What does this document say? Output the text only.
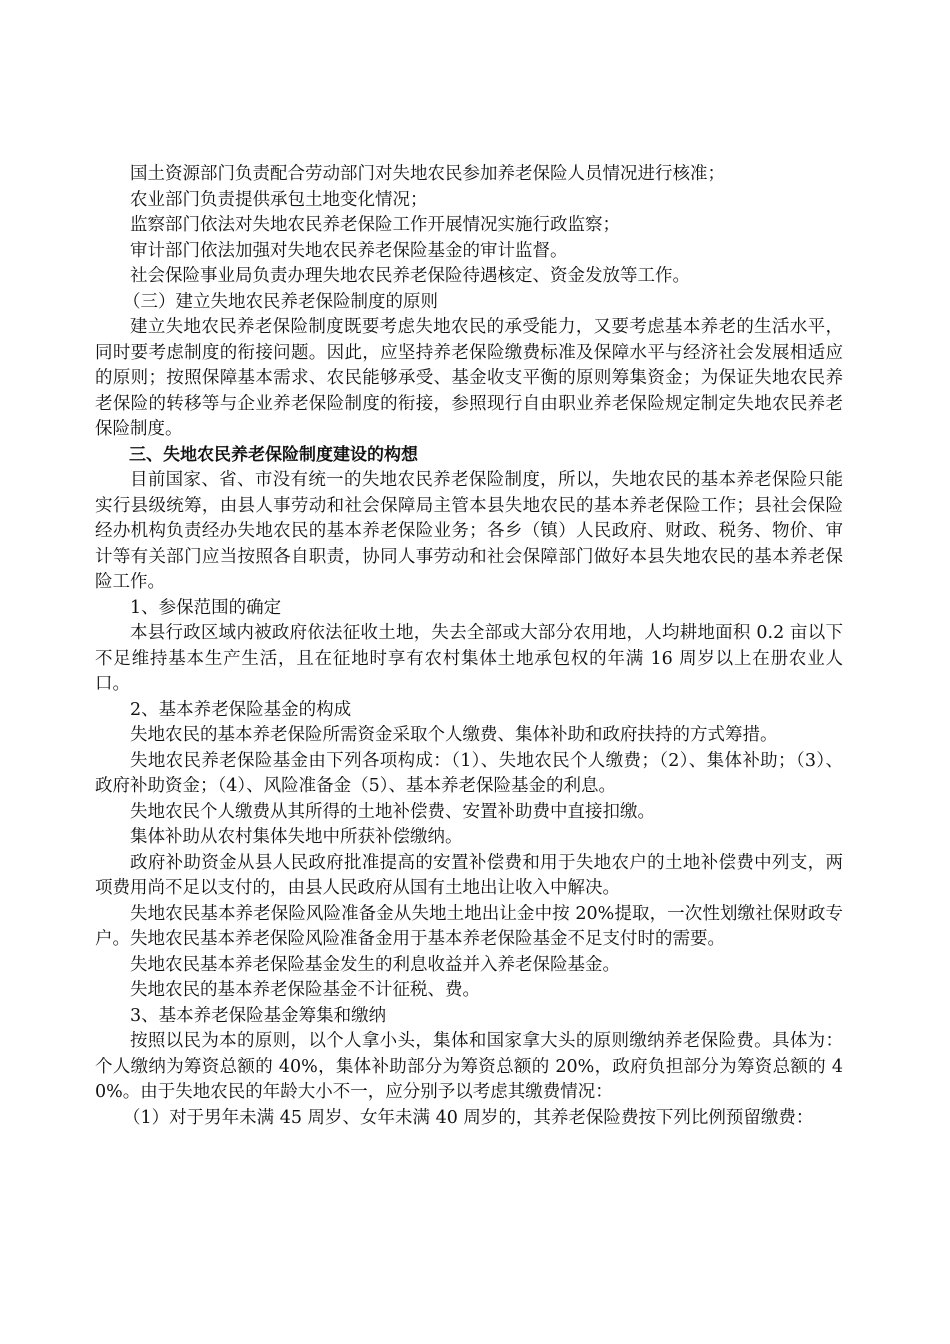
国土资源部门负责配合劳动部门对失地农民参加养老保险人员情况进行核准；

农业部门负责提供承包土地变化情况；

监察部门依法对失地农民养老保险工作开展情况实施行政监察；

审计部门依法加强对失地农民养老保险基金的审计监督。

社会保险事业局负责办理失地农民养老保险待遇核定、资金发放等工作。

（三）建立失地农民养老保险制度的原则

建立失地农民养老保险制度既要考虑失地农民的承受能力，又要考虑基本养老的生活水平，同时要考虑制度的衔接问题。因此，应坚持养老保险缴费标准及保障水平与经济社会发展相适应的原则；按照保障基本需求、农民能够承受、基金收支平衡的原则筹集资金；为保证失地农民养老保险的转移等与企业养老保险制度的衔接，参照现行自由职业养老保险规定制定失地农民养老保险制度。

三、失地农民养老保险制度建设的构想

目前国家、省、市没有统一的失地农民养老保险制度，所以，失地农民的基本养老保险只能实行县级统筹，由县人事劳动和社会保障局主管本县失地农民的基本养老保险工作；县社会保险经办机构负责经办失地农民的基本养老保险业务；各乡（镇）人民政府、财政、税务、物价、审计等有关部门应当按照各自职责，协同人事劳动和社会保障部门做好本县失地农民的基本养老保险工作。

1、参保范围的确定

本县行政区域内被政府依法征收土地，失去全部或大部分农用地，人均耕地面积 0.2 亩以下不足维持基本生产生活，且在征地时享有农村集体土地承包权的年满 16 周岁以上在册农业人口。

2、基本养老保险基金的构成

失地农民的基本养老保险所需资金采取个人缴费、集体补助和政府扶持的方式筹措。

失地农民养老保险基金由下列各项构成：（1）、失地农民个人缴费；（2）、集体补助；（3）、政府补助资金；（4）、风险准备金（5）、基本养老保险基金的利息。

失地农民个人缴费从其所得的土地补偿费、安置补助费中直接扣缴。

集体补助从农村集体失地中所获补偿缴纳。

政府补助资金从县人民政府批准提高的安置补偿费和用于失地农户的土地补偿费中列支，两项费用尚不足以支付的，由县人民政府从国有土地出让收入中解决。

失地农民基本养老保险风险准备金从失地土地出让金中按 20%提取，一次性划缴社保财政专户。失地农民基本养老保险风险准备金用于基本养老保险基金不足支付时的需要。

失地农民基本养老保险基金发生的利息收益并入养老保险基金。

失地农民的基本养老保险基金不计征税、费。

3、基本养老保险基金筹集和缴纳

按照以民为本的原则，以个人拿小头，集体和国家拿大头的原则缴纳养老保险费。具体为：个人缴纳为筹资总额的 40%，集体补助部分为筹资总额的 20%，政府负担部分为筹资总额的 40%。由于失地农民的年龄大小不一，应分别予以考虑其缴费情况：

（1）对于男年未满 45 周岁、女年未满 40 周岁的，其养老保险费按下列比例预留缴费：
